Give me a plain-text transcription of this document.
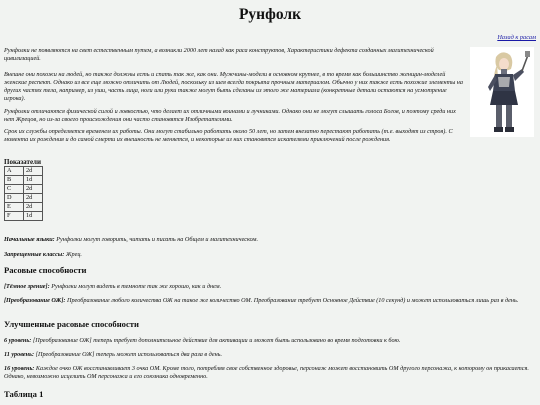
Рунфолк
Назад к расам

Рунфолки не появляются на свет естественным путем, а возникли 2000 лет назад как раса конструктов, Характеристики дефекта созданных магитехнической цивилизацией.

Внешне они похожи на людей, но также должны есть и спать так же, как они. Мужчины-модели в основном крупнее, в то время как большинство женщин-моделей женские респект. Однако из все еще можно отличить от Людей, поскольку из шея всегда покрыта прочным материалом. Обычно у них также есть похожие элементы на других частях тела, например, из уши, часть лица, ноги или руки также могут быть сделаны из этого же материала (конкретные детали остаются на усмотрение игрока).

Рунфолки отличаются физической силой и ловкостью, что делает их отличными воинами и лучниками. Однако они не могут слышать голоса Богов, и поэтому среди них нет Жрецов, но из-за своего происхождения они часто становятся Изобретателями.

Срок их службы определяется временем их работы. Они могут стабильно работать около 50 лет, но затем внезапно перестают работать (т.е. выходят из строя). С момента их рождения и до самой смерти их внешность не меняется, и некоторые из них становятся искателями приключений после рождения.

Показатели
A	2d
B	1d
C	2d
D	2d
E	2d
F	1d

Начальные языки: Рунфолки могут говорить, читать и писать на Общем и магитехническом.

Запрещенные классы: Жрец.

Расовые способности

[Тёмное зрение]: Рунфолки могут видеть в темноте так же хорошо, как и днем.

[Преобразование ОЖ]: Преобразование любого количества ОЖ на такое же количество ОМ. Преобразование требует Основное Действие (10 секунд) и может использоваться лишь раз в день.

Улучшенные расовые способности

6 уровень: [Преобразование ОЖ] теперь требует дополнительное действие для активации и может быть использовано во время подготовки к бою.

11 уровень: [Преобразование ОЖ] теперь может использоваться два раза в день.

16 уровень: Каждое очко ОЖ восстанавливает 3 очка ОМ. Кроме того, потребляя свое собственное здоровье, персонаж может восстановить ОМ другого персонажа, к которому он прикасается. Однако, невозможно исцелить ОМ персонажа и его союзника одновременно.

Таблица 1
